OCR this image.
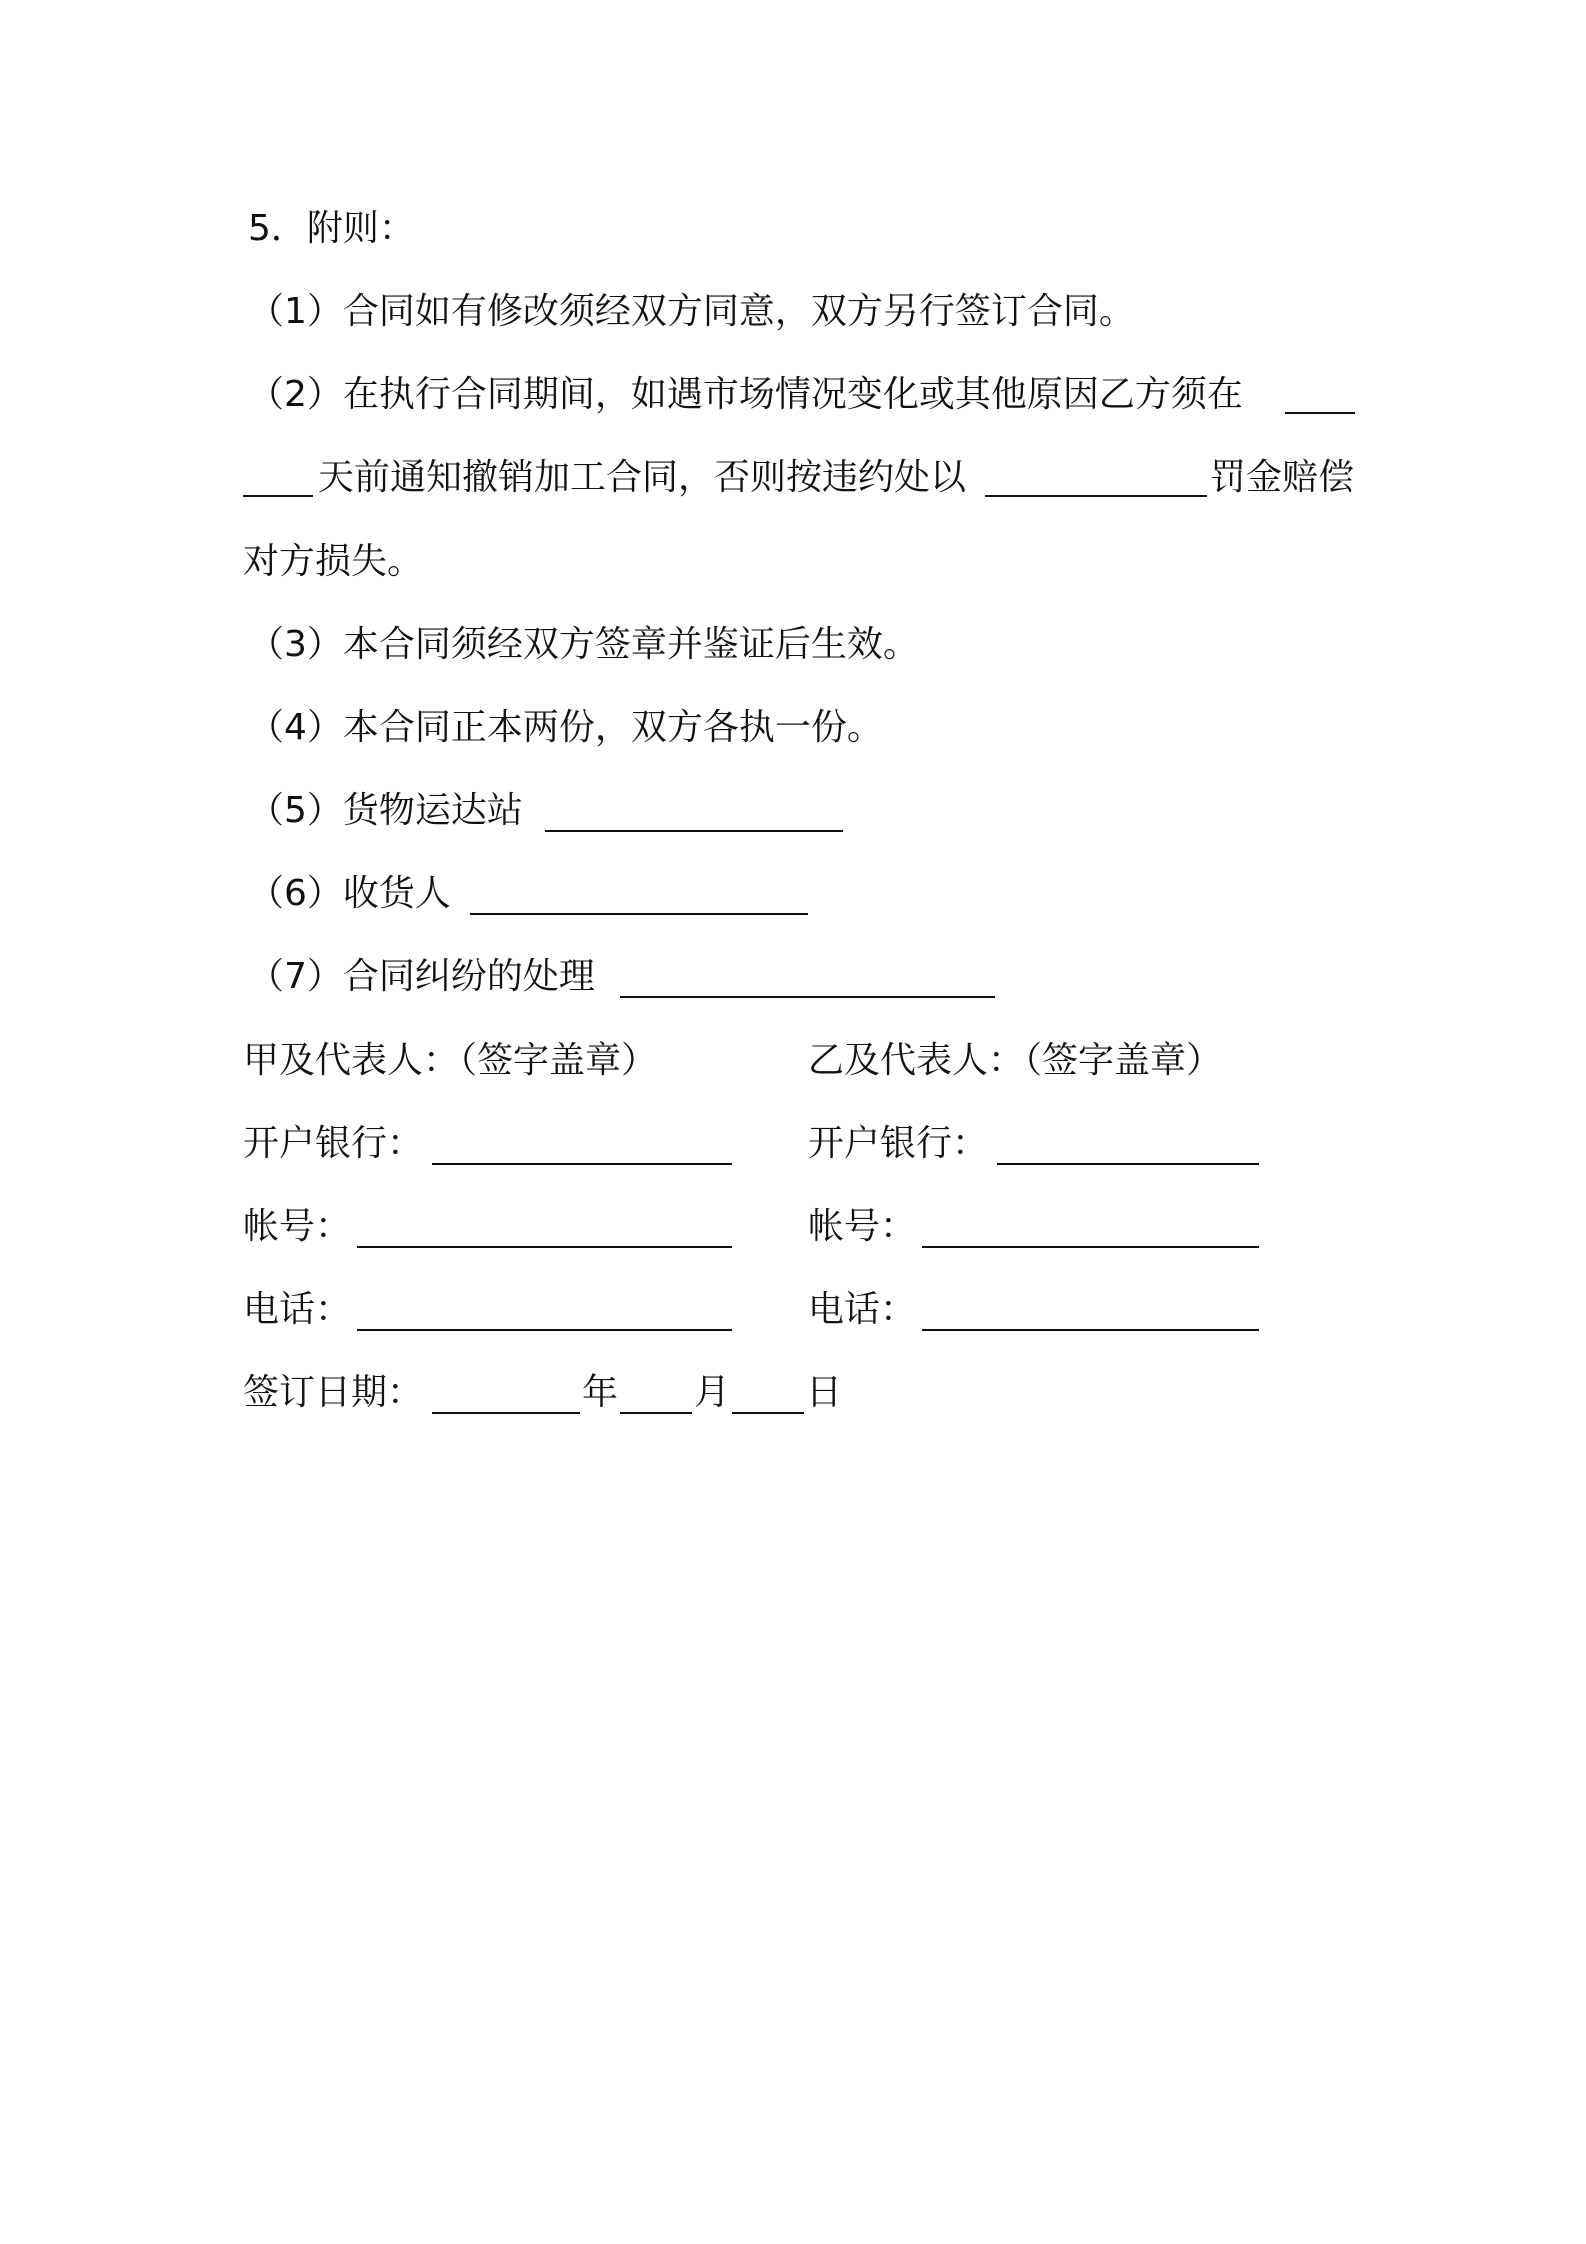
5．附则：
（1）合同如有修改须经双方同意，双方另行签订合同。
（2）在执行合同期间，如遇市场情况变化或其他原因乙方须在
天前通知撤销加工合同，否则按违约处以	罚金赔偿
对方损失。
（3）本合同须经双方签章并鉴证后生效。
（4）本合同正本两份，双方各执一份。
（5）货物运达站
（6）收货人
（7）合同纠纷的处理
甲及代表人：（签字盖章）
开户银行：
帐号：
电话：
乙及代表人：（签字盖章）
开户银行：
帐号：
电话：
签订日期：	年 月 日
